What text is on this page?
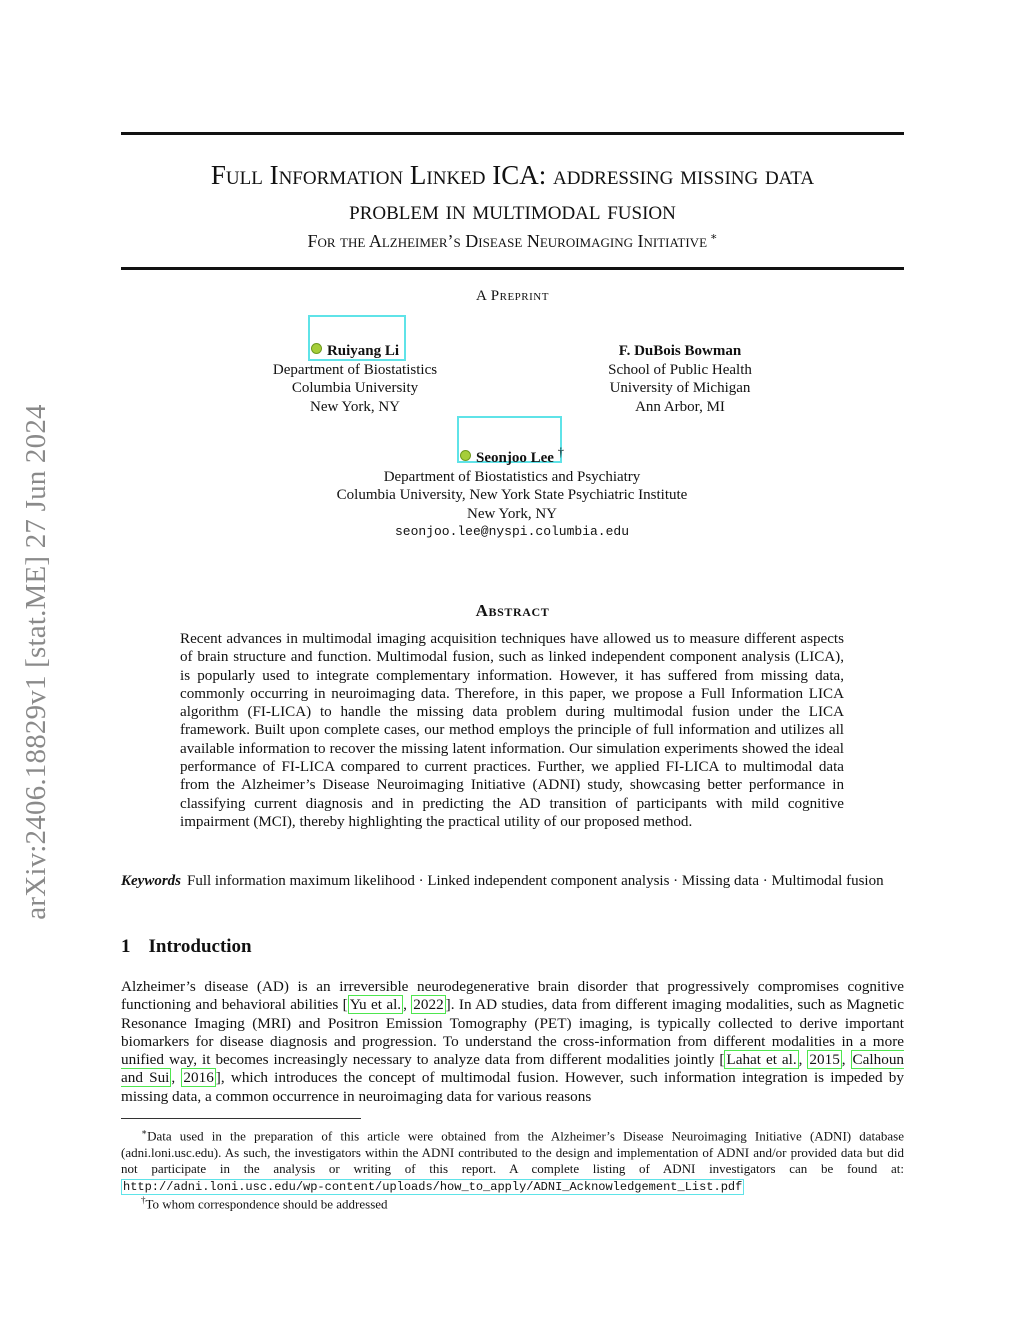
arXiv:2406.18829v1 [stat.ME] 27 Jun 2024
Full Information Linked ICA: addressing missing data
problem in multimodal fusion
For the Alzheimer’s Disease Neuroimaging Initiative ∗
A Preprint
Ruiyang Li
Department of Biostatistics
Columbia University
New York, NY
F. DuBois Bowman
School of Public Health
University of Michigan
Ann Arbor, MI
Seonjoo Lee †
Department of Biostatistics and Psychiatry
Columbia University, New York State Psychiatric Institute
New York, NY
seonjoo.lee@nyspi.columbia.edu
Abstract
Recent advances in multimodal imaging acquisition techniques have allowed us to measure different aspects of brain structure and function. Multimodal fusion, such as linked independent component analysis (LICA), is popularly used to integrate complementary information. However, it has suffered from missing data, commonly occurring in neuroimaging data. Therefore, in this paper, we propose a Full Information LICA algorithm (FI-LICA) to handle the missing data problem during multimodal fusion under the LICA framework. Built upon complete cases, our method employs the principle of full information and utilizes all available information to recover the missing latent information. Our simulation experiments showed the ideal performance of FI-LICA compared to current practices. Further, we applied FI-LICA to multimodal data from the Alzheimer’s Disease Neuroimaging Initiative (ADNI) study, showcasing better performance in classifying current diagnosis and in predicting the AD transition of participants with mild cognitive impairment (MCI), thereby highlighting the practical utility of our proposed method.
Keywords Full information maximum likelihood · Linked independent component analysis · Missing data · Multimodal fusion
1 Introduction
Alzheimer’s disease (AD) is an irreversible neurodegenerative brain disorder that progressively compromises cognitive functioning and behavioral abilities [ Yu et al. , 2022 ]. In AD studies, data from different imaging modalities, such as Magnetic Resonance Imaging (MRI) and Positron Emission Tomography (PET) imaging, is typically collected to derive important biomarkers for disease diagnosis and progression. To understand the cross-information from different modalities in a more unified way, it becomes increasingly necessary to analyze data from different modalities jointly [ Lahat et al. , 2015 , Calhoun and Sui , 2016 ], which introduces the concept of multimodal fusion. However, such information integration is impeded by missing data, a common occurrence in neuroimaging data for various reasons
∗Data used in the preparation of this article were obtained from the Alzheimer’s Disease Neuroimaging Initiative (ADNI) database (adni.loni.usc.edu). As such, the investigators within the ADNI contributed to the design and implementation of ADNI and/or provided data but did not participate in the analysis or writing of this report. A complete listing of ADNI investigators can be found at: http://adni.loni.usc.edu/wp-content/uploads/how_to_apply/ADNI_Acknowledgement_List.pdf
†To whom correspondence should be addressed
